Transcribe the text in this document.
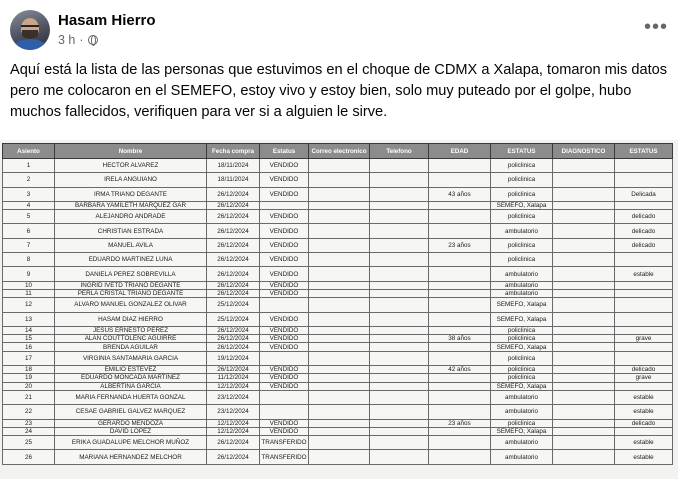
Hasam Hierro
3 h ·
•••
Aquí está la lista de las personas que estuvimos en el choque de CDMX a Xalapa, tomaron mis datos pero me colocaron en el SEMEFO, estoy vivo y estoy bien, solo muy puteado por el golpe, hubo muchos fallecidos, verifiquen para ver si a alguien le sirve.
Asiento	Nombre	Fecha compra	Estatus	Correo electronico	Telefono	EDAD	ESTATUS	DIAGNOSTICO	ESTATUS
1	HECTOR ALVAREZ	18/11/2024	VENDIDO				policlinica		
2	IRELA ANGUIANO	18/11/2024	VENDIDO				policlinica		
3	IRMA TRIANO DEGANTE	26/12/2024	VENDIDO			43 años	policlinica		Delicada
4	BARBARA YAMILETH MARQUEZ GAR	26/12/2024					SEMEFO, Xalapa		
5	ALEJANDRO ANDRADE	26/12/2024	VENDIDO				policlinica		delicado
6	CHRISTIAN ESTRADA	26/12/2024	VENDIDO				ambulatorio		delicado
7	MANUEL AVILA	26/12/2024	VENDIDO			23 años	policlinica		delicado
8	EDUARDO MARTINEZ LUNA	26/12/2024	VENDIDO				policlinica		
9	DANIELA PEREZ SOBREVILLA	26/12/2024	VENDIDO				ambulatorio		estable
10	INGRID IVETD TRIANO DEGANTE	26/12/2024	VENDIDO				ambulatorio		
11	PERLA CRISTAL TRIANO DEGANTE	26/12/2024	VENDIDO				ambulatorio		
12	ALVARO MANUEL GONZALEZ OLIVAR	25/12/2024					SEMEFO, Xalapa		
13	HASAM DIAZ HIERRO	25/12/2024	VENDIDO				SEMEFO, Xalapa		
14	JESUS ERNESTO PEREZ	26/12/2024	VENDIDO				policlinica		
15	ALAN COUTTOLENC AGUIRRE	26/12/2024	VENDIDO			38 años	policlinica		grave
16	BRENDA AGUILAR	26/12/2024	VENDIDO				SEMEFO, Xalapa		
17	VIRGINIA SANTAMARIA GARCIA	19/12/2024					policlinica		
18	EMILIO ESTEVEZ	26/12/2024	VENDIDO			42 años	policlinica		delicado
19	EDUARDO MONCADA MARTINEZ	11/12/2024	VENDIDO				policlinica		grave
20	ALBERTINA GARCIA	12/12/2024	VENDIDO				SEMEFO, Xalapa		
21	MARIA FERNANDA HUERTA GONZAL	23/12/2024					ambulatorio		estable
22	CESAE GABRIEL GALVEZ MARQUEZ	23/12/2024					ambulatorio		estable
23	GERARDO MENDOZA	12/12/2024	VENDIDO			23 años	policlinica		delicado
24	DAVID LOPEZ	12/12/2024	VENDIDO				SEMEFO, Xalapa		
25	ERIKA GUADALUPE MELCHOR MUÑOZ	26/12/2024	TRANSFERIDO				ambulatorio		estable
26	MARIANA HERNANDEZ MELCHOR	26/12/2024	TRANSFERIDO				ambulatorio		estable
